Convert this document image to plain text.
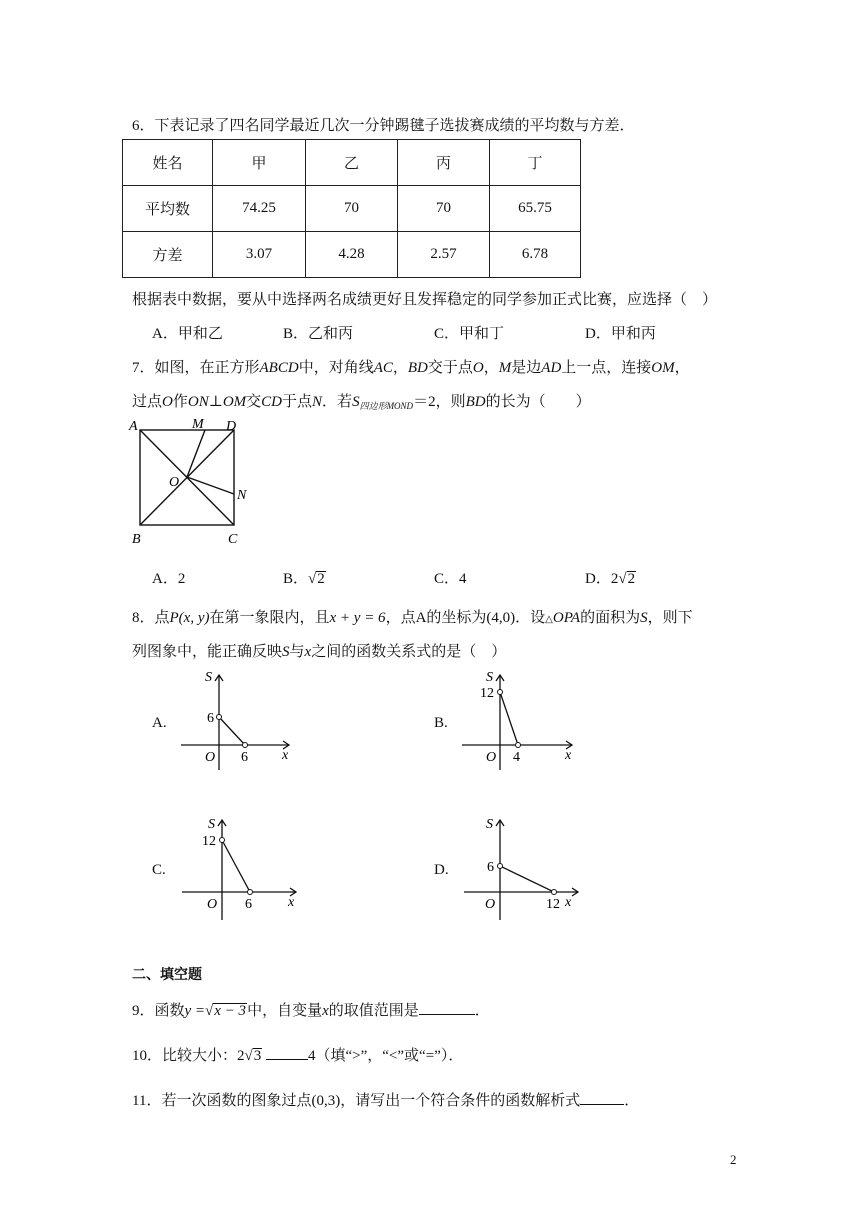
6．下表记录了四名同学最近几次一分钟踢毽子选拔赛成绩的平均数与方差．
姓名	甲	乙	丙	丁
平均数	74.25	70	70	65.75
方差	3.07	4.28	2.57	6.78
根据表中数据，要从中选择两名成绩更好且发挥稳定的同学参加正式比赛，应选择（　）
A．甲和乙	B．乙和丙	C．甲和丁	D．甲和丙
7．如图，在正方形ABCD中，对角线AC，BD交于点O，M是边AD上一点，连接OM，
过点O作ON⊥OM交CD于点N．若$S_{四边形MOND}=2$，则BD的长为（　　）
A	M D
O
N
B	C
A．2	B．√2	C．4	D．2√2
8．点P(x, y)在第一象限内，且x + y = 6，点A的坐标为(4,0)．设△OPA的面积为S，则下
列图象中，能正确反映S与x之间的函数关系式的是（　）
A.
S
6
O 6 x
B.
S
12
O 4	x
C.
S
12
O 6	x
D.
S
6
O	12 x
二、填空题
9．函数y =√x − 3中，自变量x的取值范围是	．
10．比较大小：2√3	4（填“>”，“<”或“=”）．
11．若一次函数的图象过点(0,3)，请写出一个符合条件的函数解析式	．
2
